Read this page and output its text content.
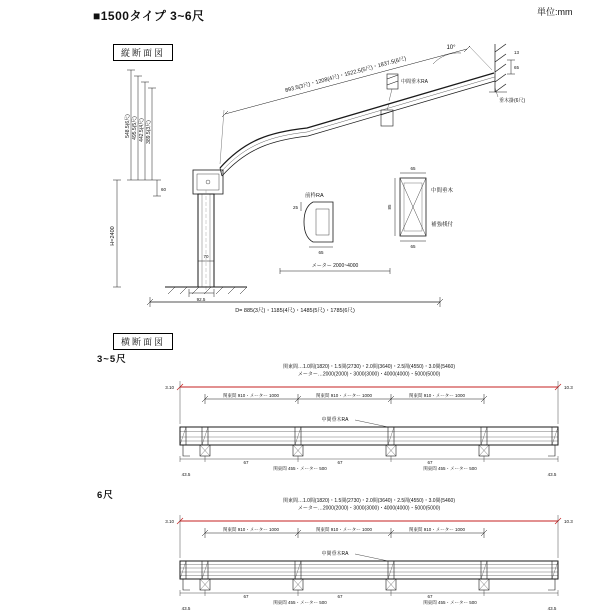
■1500タイプ 3~6尺	単位:mm
縦断面図
893.5(3尺)・1208(4尺)・1522.5(5尺)・1837.5(6尺)
10°
548.5(6尺) 495.5(5尺) 442.5(4尺) 389.5(3尺)
60
H=2400
70
92.5
メーター 2000~4000
D= 885(3尺)・1185(4尺)・1485(5尺)・1785(6尺)
前枠RA
25
65
65
85
65
中間垂木
補強桟付
中間垂木RA
垂木掛(6尺)
65
13
横断面図
3~5尺
6尺
関東間…1.0間(1820)・1.5間(2730)・2.0間(3640)・2.5間(4550)・3.0間(5460)
メーター…2000(2000)・3000(3000)・4000(4000)・5000(5000)
3.10	10.3
関東間 910・メーター 1000	関東間 910・メーター 1000	関東間 910・メーター 1000
中間垂木RA
67	67	67
関東間 455・メーター 500	関東間 455・メーター 500
43.5	43.5
関東間…1.0間(1820)・1.5間(2730)・2.0間(3640)・2.5間(4550)・3.0間(5460)
メーター…2000(2000)・3000(3000)・4000(4000)・5000(5000)
3.10	10.3
関東間 910・メーター 1000	関東間 910・メーター 1000	関東間 910・メーター 1000
中間垂木RA
67	67	67
関東間 455・メーター 500	関東間 455・メーター 500
43.5	43.5
